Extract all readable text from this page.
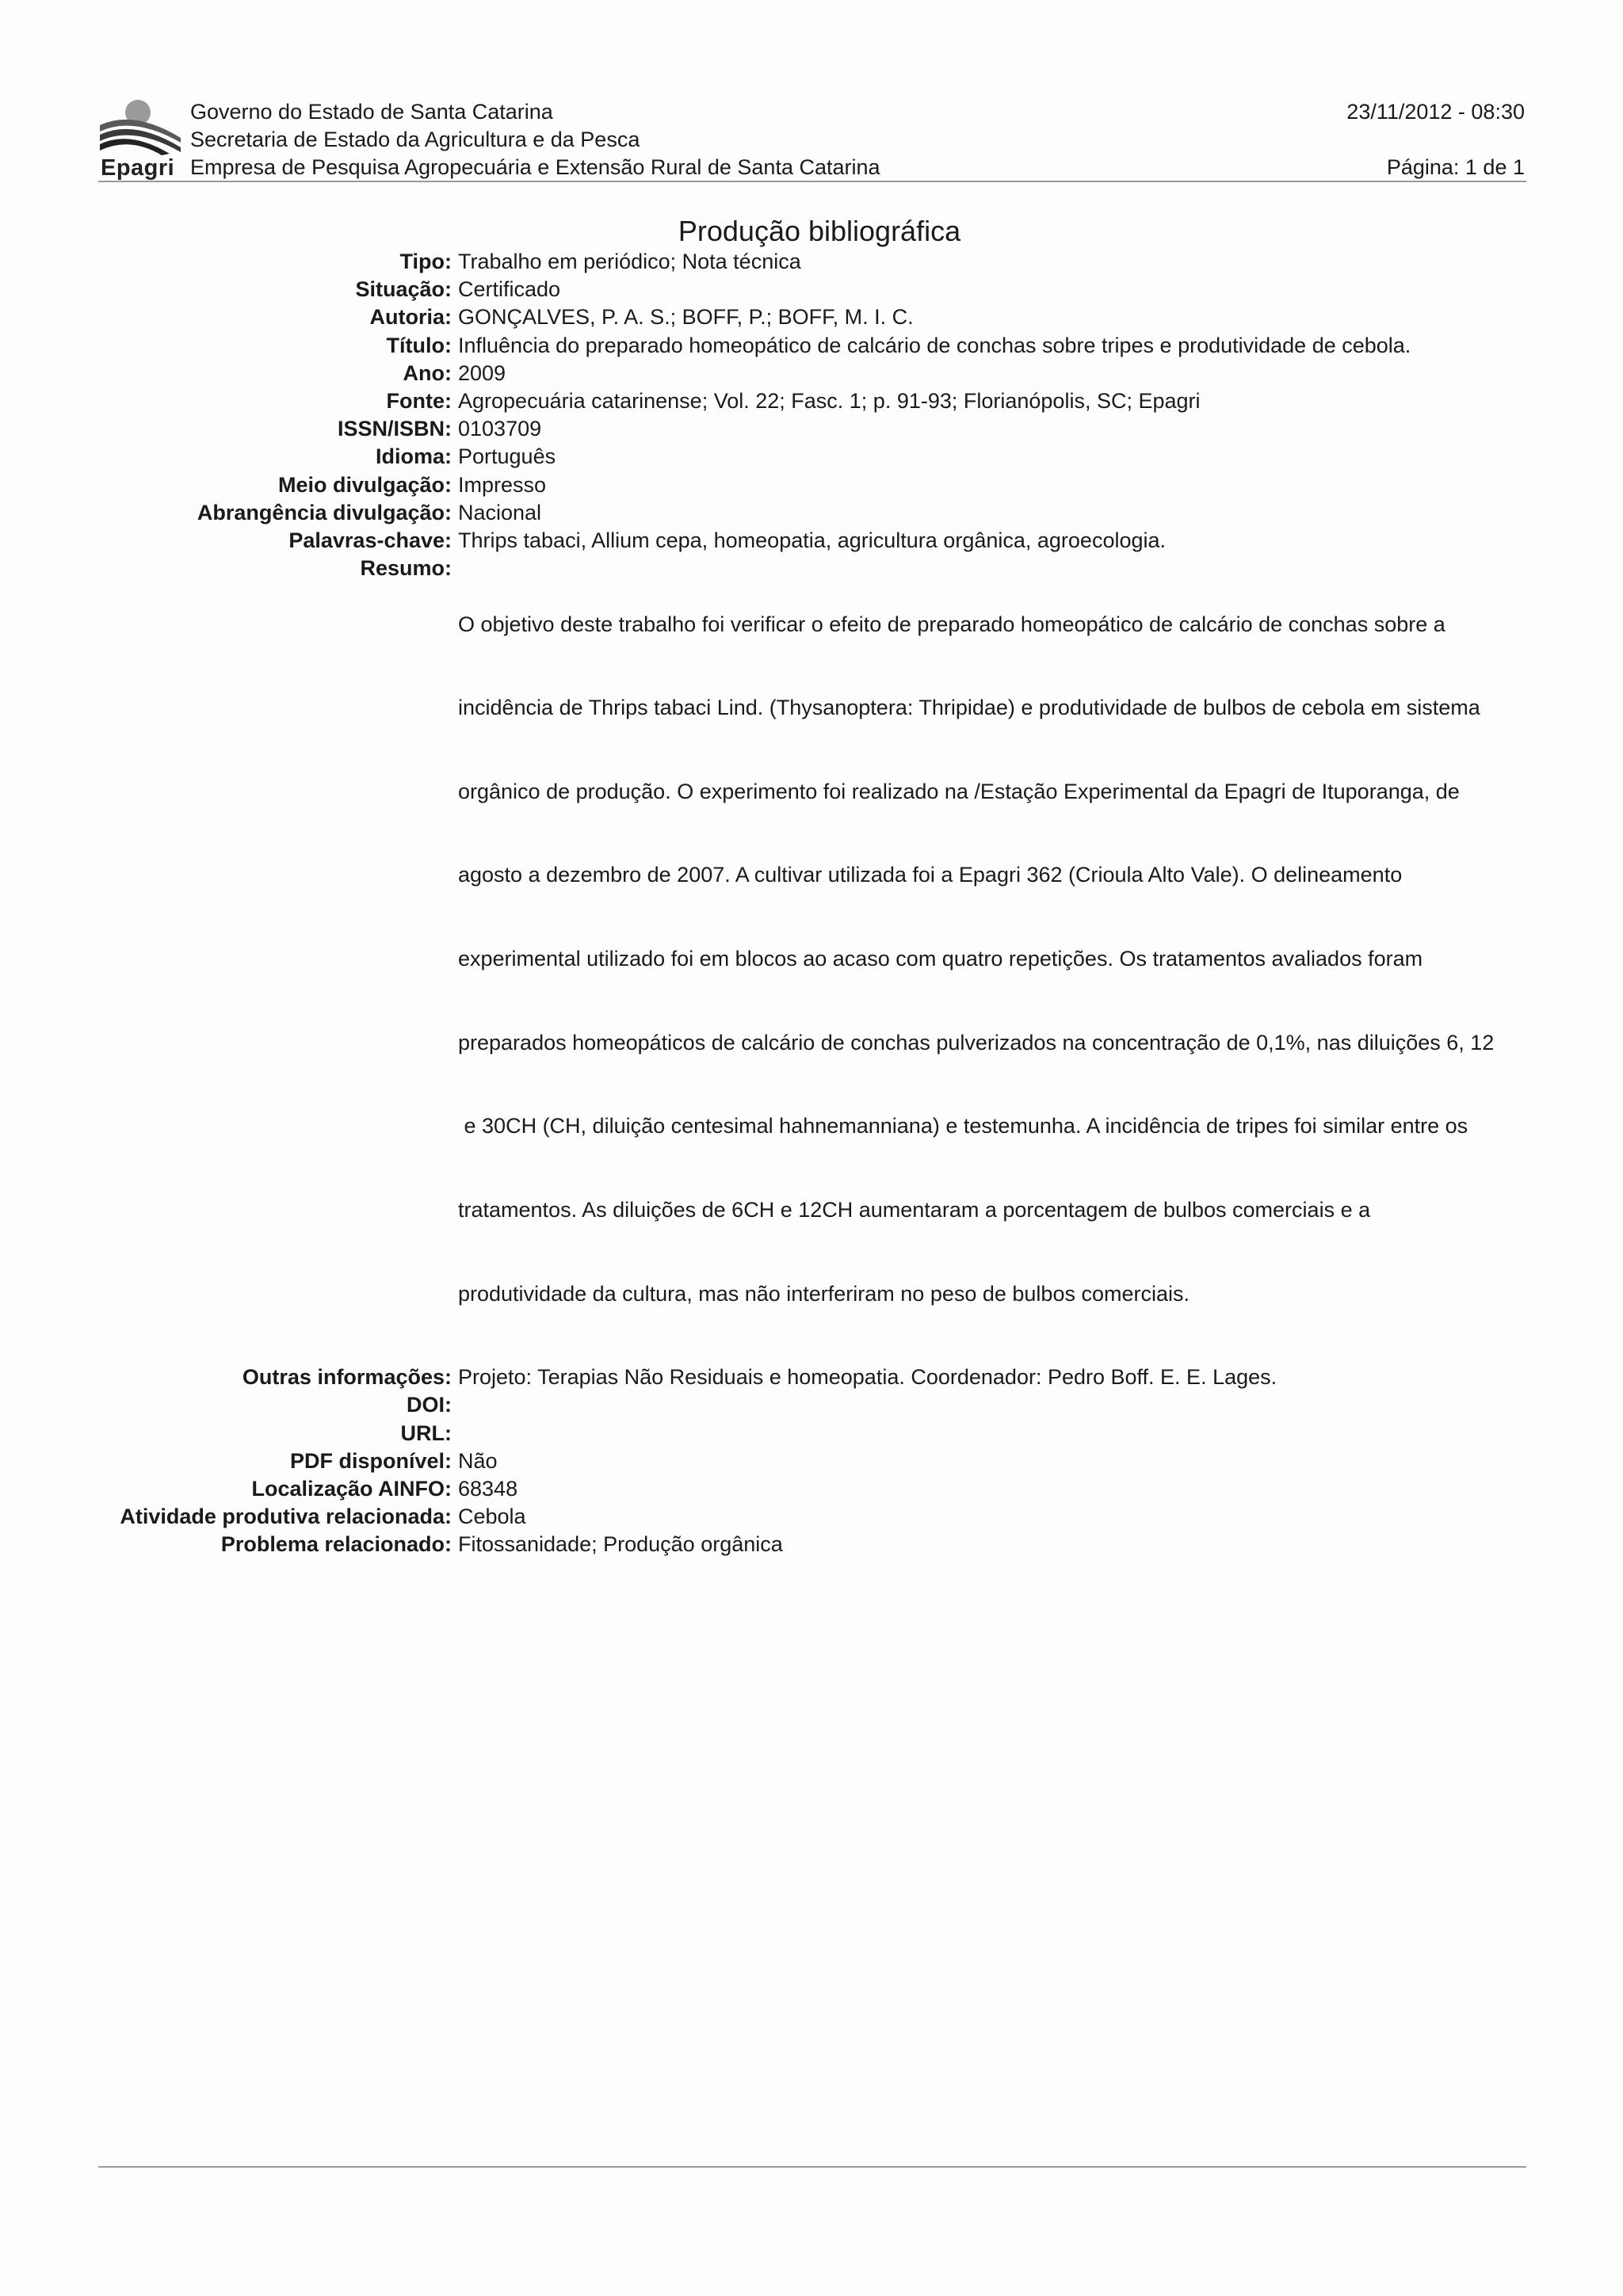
Epagri
Governo do Estado de Santa Catarina
Secretaria de Estado da Agricultura e da Pesca
Empresa de Pesquisa Agropecuária e Extensão Rural de Santa Catarina
23/11/2012 - 08:30
Página: 1 de 1
Produção bibliográfica
Tipo: Trabalho em periódico; Nota técnica
Situação: Certificado
Autoria: GONÇALVES, P. A. S.; BOFF, P.; BOFF, M. I. C.
Título: Influência do preparado homeopático de calcário de conchas sobre tripes e produtividade de cebola.
Ano: 2009
Fonte: Agropecuária catarinense; Vol. 22; Fasc. 1; p. 91-93; Florianópolis, SC; Epagri
ISSN/ISBN: 0103709
Idioma: Português
Meio divulgação: Impresso
Abrangência divulgação: Nacional
Palavras-chave: Thrips tabaci, Allium cepa, homeopatia, agricultura orgânica, agroecologia.
Resumo:

O objetivo deste trabalho foi verificar o efeito de preparado homeopático de calcário de conchas sobre a

incidência de Thrips tabaci Lind. (Thysanoptera: Thripidae) e produtividade de bulbos de cebola em sistema

orgânico de produção. O experimento foi realizado na /Estação Experimental da Epagri de Ituporanga, de

agosto a dezembro de 2007. A cultivar utilizada foi a Epagri 362 (Crioula Alto Vale). O delineamento

experimental utilizado foi em blocos ao acaso com quatro repetições. Os tratamentos avaliados foram

preparados homeopáticos de calcário de conchas pulverizados na concentração de 0,1%, nas diluições 6, 12

e 30CH (CH, diluição centesimal hahnemanniana) e testemunha. A incidência de tripes foi similar entre os

tratamentos. As diluições de 6CH e 12CH aumentaram a porcentagem de bulbos comerciais e a

produtividade da cultura, mas não interferiram no peso de bulbos comerciais.

Outras informações: Projeto: Terapias Não Residuais e homeopatia. Coordenador: Pedro Boff. E. E. Lages.
DOI:
URL:
PDF disponível: Não
Localização AINFO: 68348
Atividade produtiva relacionada: Cebola
Problema relacionado: Fitossanidade; Produção orgânica
